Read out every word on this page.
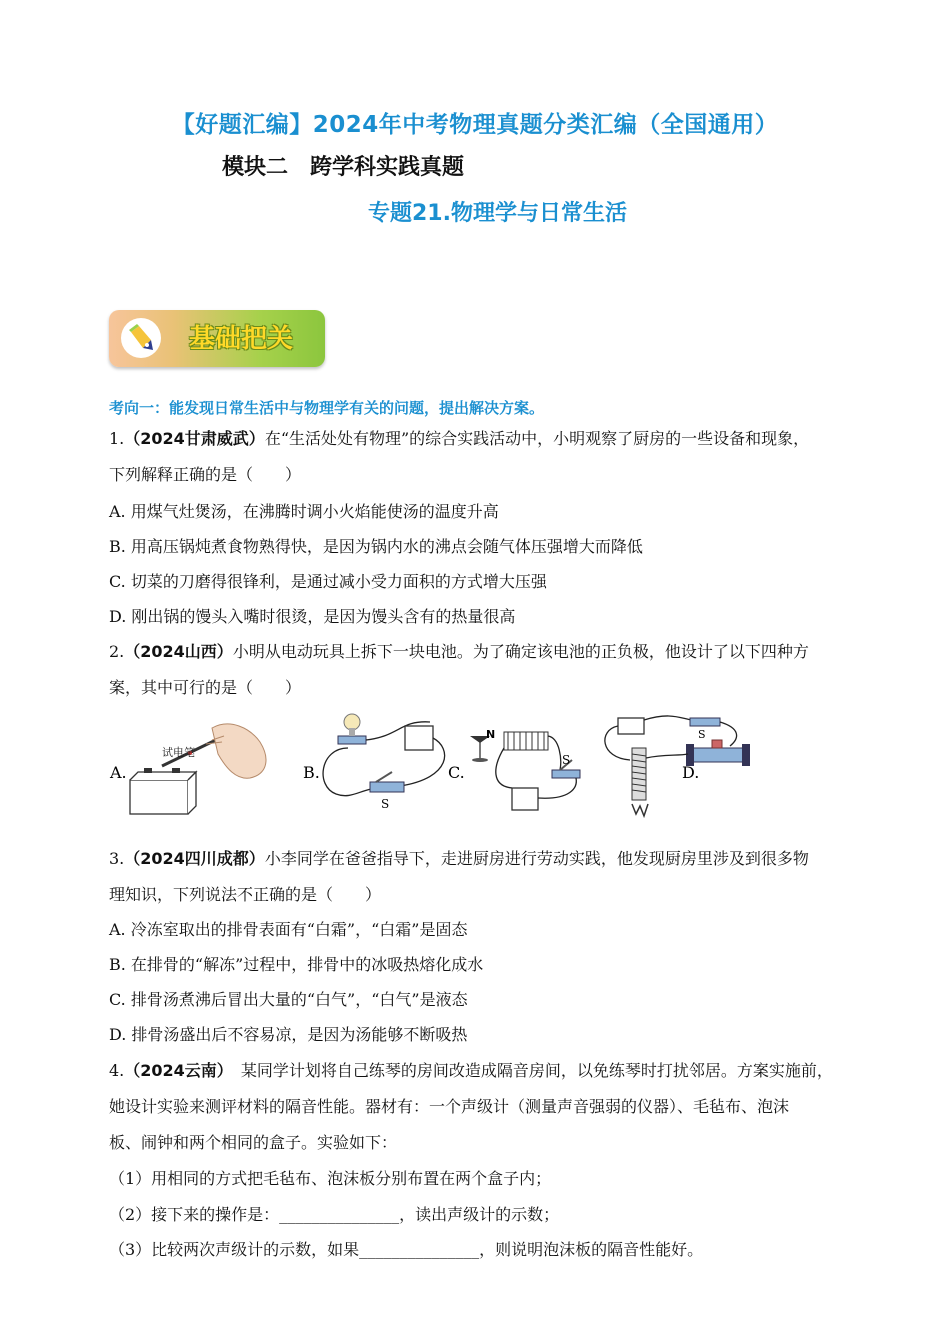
【好题汇编】2024年中考物理真题分类汇编（全国通用）
模块二　跨学科实践真题
专题21.物理学与日常生活
基础把关
考向一：能发现日常生活中与物理学有关的问题，提出解决方案。
1.（2024甘肃威武）在“生活处处有物理”的综合实践活动中，小明观察了厨房的一些设备和现象，
下列解释正确的是（　　）
A. 用煤气灶煲汤，在沸腾时调小火焰能使汤的温度升高
B. 用高压锅炖煮食物熟得快，是因为锅内水的沸点会随气体压强增大而降低
C. 切菜的刀磨得很锋利，是通过减小受力面积的方式增大压强
D. 刚出锅的馒头入嘴时很烫，是因为馒头含有的热量很高
2.（2024山西）小明从电动玩具上拆下一块电池。为了确定该电池的正负极，他设计了以下四种方
案，其中可行的是（　　）
试电笔
A.
S
B.
N
S
C.
S
D.
3.（2024四川成都）小李同学在爸爸指导下，走进厨房进行劳动实践，他发现厨房里涉及到很多物
理知识，下列说法不正确的是（　　）
A. 冷冻室取出的排骨表面有“白霜”，“白霜”是固态
B. 在排骨的“解冻”过程中，排骨中的冰吸热熔化成水
C. 排骨汤煮沸后冒出大量的“白气”，“白气”是液态
D. 排骨汤盛出后不容易凉，是因为汤能够不断吸热
4.（2024云南）　某同学计划将自己练琴的房间改造成隔音房间，以免练琴时打扰邻居。方案实施前，
她设计实验来测评材料的隔音性能。器材有：一个声级计（测量声音强弱的仪器）、毛毡布、泡沫
板、闹钟和两个相同的盒子。实验如下：
（1）用相同的方式把毛毡布、泡沫板分别布置在两个盒子内；
（2）接下来的操作是：_______________，读出声级计的示数；
（3）比较两次声级计的示数，如果_______________，则说明泡沫板的隔音性能好。
